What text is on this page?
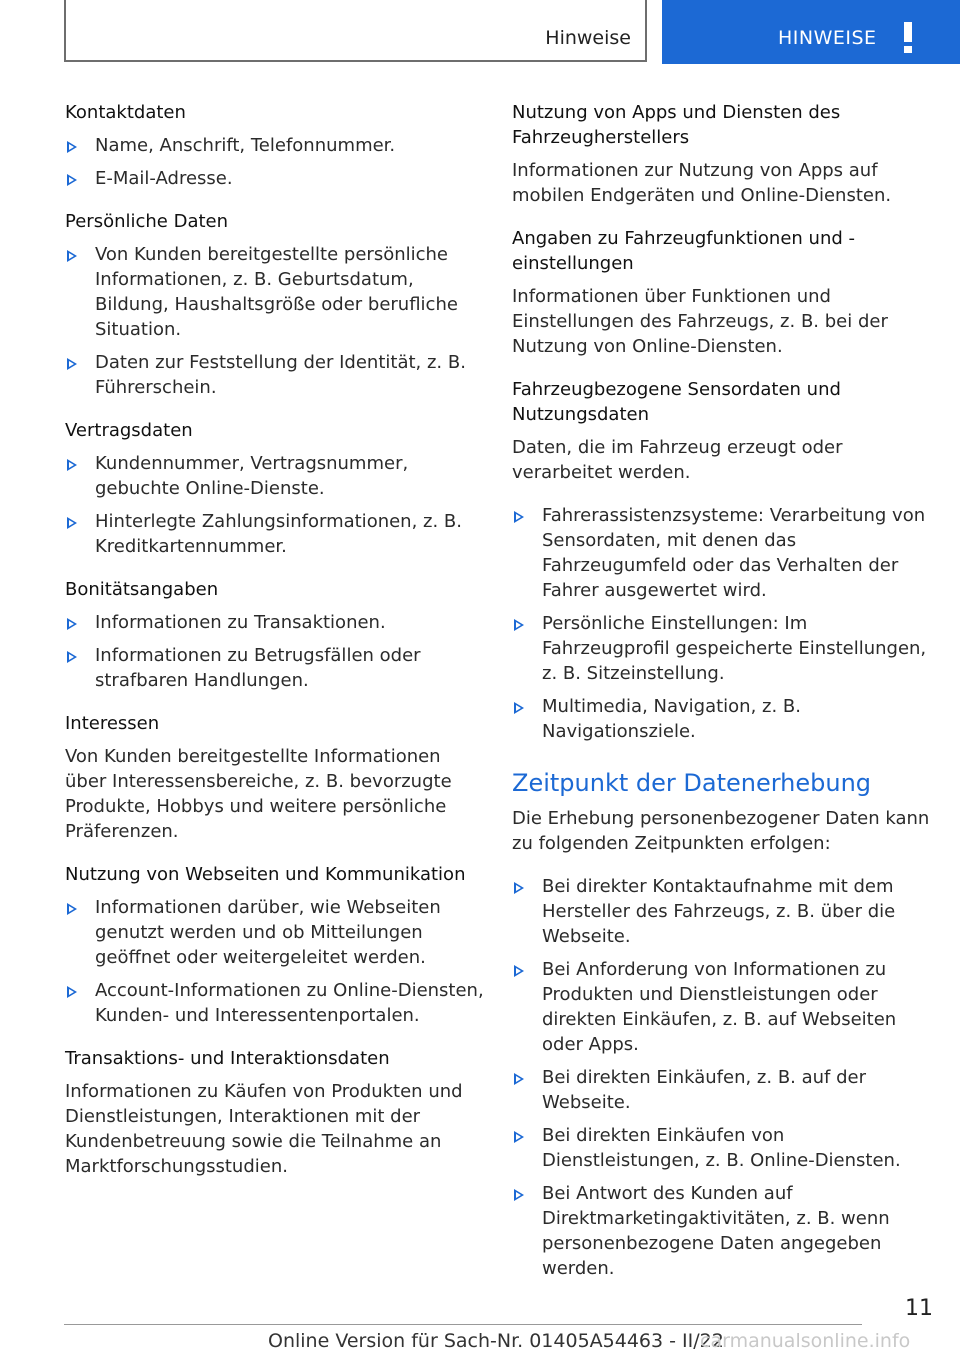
Hinweise	HINWEISE
Kontaktdaten
Name, Anschrift, Telefonnummer.
E-Mail-Adresse.
Persönliche Daten
Von Kunden bereitgestellte persönliche Informationen, z. B. Geburtsdatum, Bildung, Haushaltsgröße oder berufliche Situation.
Daten zur Feststellung der Identität, z. B. Führerschein.
Vertragsdaten
Kundennummer, Vertragsnummer, gebuchte Online-Dienste.
Hinterlegte Zahlungsinformationen, z. B. Kreditkartennummer.
Bonitätsangaben
Informationen zu Transaktionen.
Informationen zu Betrugsfällen oder strafbaren Handlungen.
Interessen
Von Kunden bereitgestellte Informationen über Interessensbereiche, z. B. bevorzugte Produkte, Hobbys und weitere persönliche Präferenzen.
Nutzung von Webseiten und Kommunikation
Informationen darüber, wie Webseiten genutzt werden und ob Mitteilungen geöffnet oder weitergeleitet werden.
Account-Informationen zu Online-Diensten, Kunden- und Interessentenportalen.
Transaktions- und Interaktionsdaten
Informationen zu Käufen von Produkten und Dienstleistungen, Interaktionen mit der Kundenbetreuung sowie die Teilnahme an Marktforschungsstudien.
Nutzung von Apps und Diensten des Fahrzeugherstellers
Informationen zur Nutzung von Apps auf mobilen Endgeräten und Online-Diensten.
Angaben zu Fahrzeugfunktionen und -einstellungen
Informationen über Funktionen und Einstellungen des Fahrzeugs, z. B. bei der Nutzung von Online-Diensten.
Fahrzeugbezogene Sensordaten und Nutzungsdaten
Daten, die im Fahrzeug erzeugt oder verarbeitet werden.
Fahrerassistenzsysteme: Verarbeitung von Sensordaten, mit denen das Fahrzeugumfeld oder das Verhalten der Fahrer ausgewertet wird.
Persönliche Einstellungen: Im Fahrzeugprofil gespeicherte Einstellungen, z. B. Sitzeinstellung.
Multimedia, Navigation, z. B. Navigationsziele.
Zeitpunkt der Datenerhebung
Die Erhebung personenbezogener Daten kann zu folgenden Zeitpunkten erfolgen:
Bei direkter Kontaktaufnahme mit dem Hersteller des Fahrzeugs, z. B. über die Webseite.
Bei Anforderung von Informationen zu Produkten und Dienstleistungen oder direkten Einkäufen, z. B. auf Webseiten oder Apps.
Bei direkten Einkäufen, z. B. auf der Webseite.
Bei direkten Einkäufen von Dienstleistungen, z. B. Online-Diensten.
Bei Antwort des Kunden auf Direktmarketingaktivitäten, z. B. wenn personenbezogene Daten angegeben werden.
11
Online Version für Sach-Nr. 01405A54463 - II/22
carmanualsonline.info
